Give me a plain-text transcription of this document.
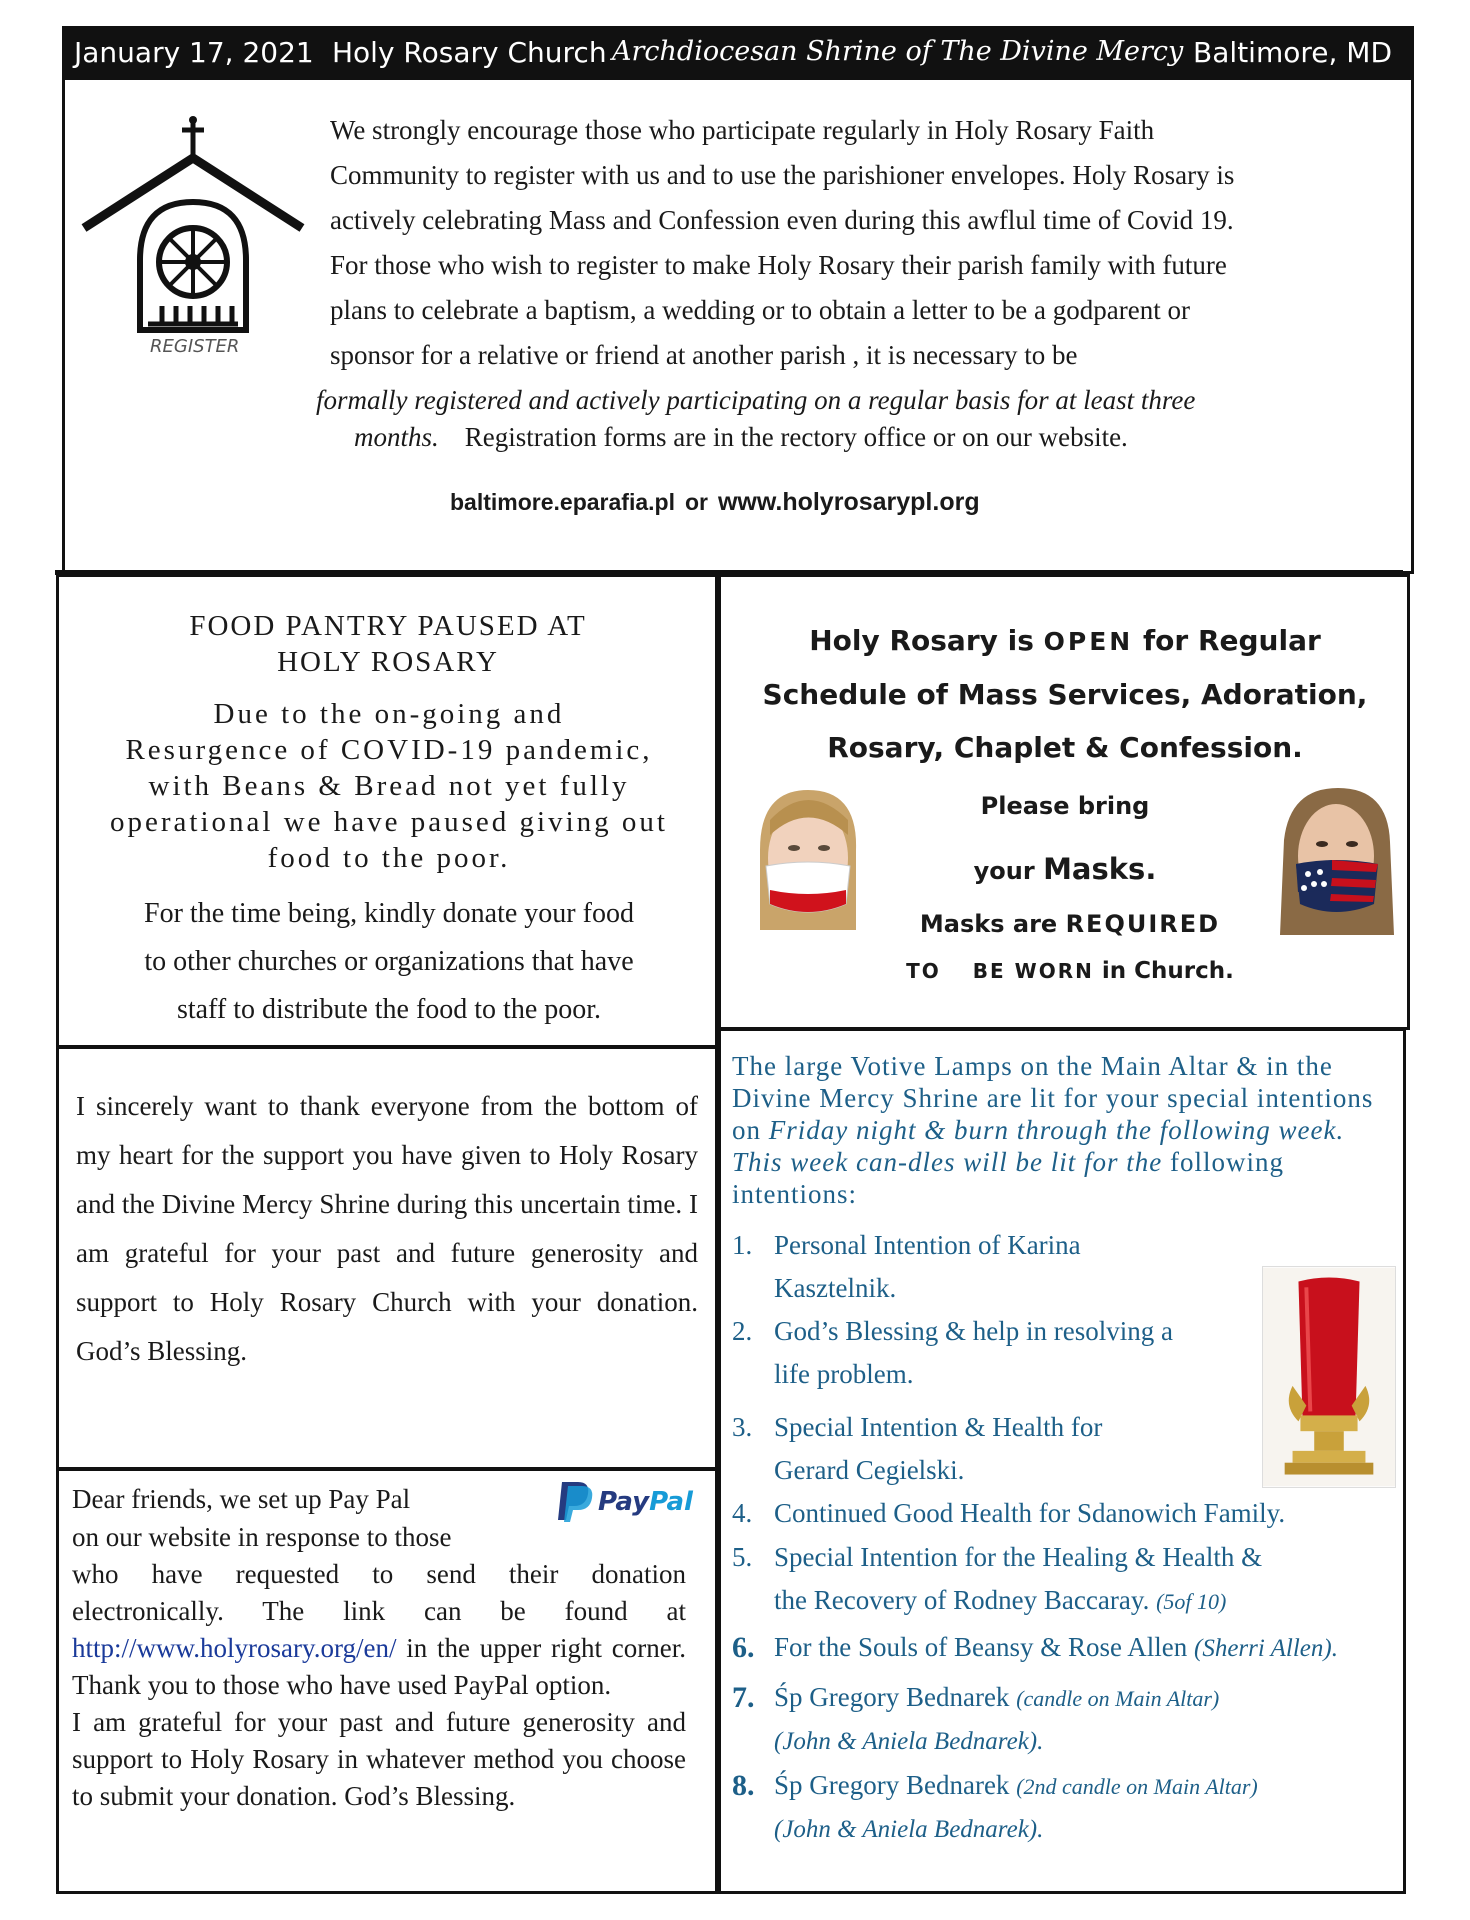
January 17, 2021 Holy Rosary Church Archdiocesan Shrine of The Divine Mercy Baltimore, MD
REGISTER
We strongly encourage those who participate regularly in Holy Rosary Faith
Community to register with us and to use the parishioner envelopes. Holy Rosary is
actively celebrating Mass and Confession even during this awflul time of Covid 19.
For those who wish to register to make Holy Rosary their parish family with future
plans to celebrate a baptism, a wedding or to obtain a letter to be a godparent or
sponsor for a relative or friend at another parish , it is necessary to be
formally registered and actively participating on a regular basis for at least three
months. Registration forms are in the rectory office or on our website.
baltimore.eparafia.pl or www.holyrosarypl.org
FOOD PANTRY PAUSED AT
HOLY ROSARY
Due to the on-going and
Resurgence of COVID-19 pandemic,
with Beans & Bread not yet fully
operational we have paused giving out
food to the poor.
For the time being, kindly donate your food
to other churches or organizations that have
staff to distribute the food to the poor.
Holy Rosary is OPEN for Regular
Schedule of Mass Services, Adoration,
Rosary, Chaplet & Confession.
Please bring
your Masks.
Masks are REQUIRED
TO BE WORN in Church.
I sincerely want to thank everyone from the bottom of my heart for the support you have given to Holy Rosary and the Divine Mercy Shrine during this uncertain time. I am grateful for your past and future generosity and support to Holy Rosary Church with your donation. God’s Blessing.
Dear friends, we set up Pay Pal
on our website in response to those
PayPal
who have requested to send their donation electronically. The link can be found at http://www.holyrosary.org/en/ in the upper right corner. Thank you to those who have used PayPal option.
I am grateful for your past and future generosity and support to Holy Rosary in whatever method you choose to submit your donation. God’s Blessing.
The large Votive Lamps on the Main Altar & in the Divine Mercy Shrine are lit for your special intentions on Friday night & burn through the following week. This week can-dles will be lit for the following intentions:
1. Personal Intention of Karina
Kasztelnik.
2. God’s Blessing & help in resolving a
life problem.
3. Special Intention & Health for
Gerard Cegielski.
4. Continued Good Health for Sdanowich Family.
5. Special Intention for the Healing & Health &
the Recovery of Rodney Baccaray. (5of 10)
6. For the Souls of Beansy & Rose Allen (Sherri Allen).
7. Śp Gregory Bednarek (candle on Main Altar)
(John & Aniela Bednarek).
8. Śp Gregory Bednarek (2nd candle on Main Altar)
(John & Aniela Bednarek).
